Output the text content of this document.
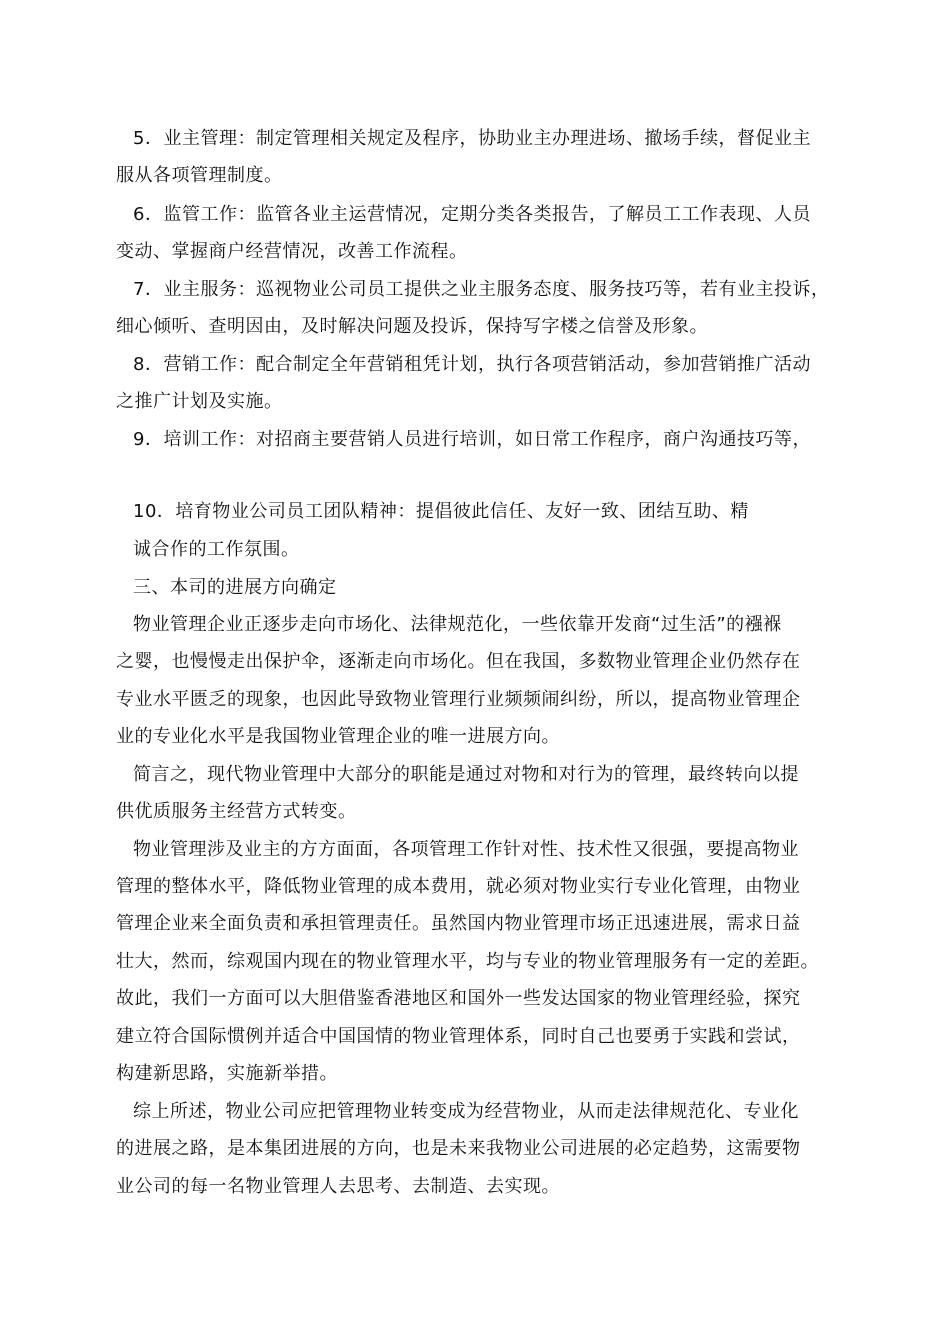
5．业主管理：制定管理相关规定及程序，协助业主办理进场、撤场手续，督促业主
服从各项管理制度。
6．监管工作：监管各业主运营情况，定期分类各类报告，了解员工工作表现、人员
变动、掌握商户经营情况，改善工作流程。
7．业主服务：巡视物业公司员工提供之业主服务态度、服务技巧等，若有业主投诉，
细心倾听、查明因由，及时解决问题及投诉，保持写字楼之信誉及形象。
8．营销工作：配合制定全年营销租凭计划，执行各项营销活动，参加营销推广活动
之推广计划及实施。
9．培训工作：对招商主要营销人员进行培训，如日常工作程序，商户沟通技巧等，
10．培育物业公司员工团队精神：提倡彼此信任、友好一致、团结互助、精
诚合作的工作氛围。
三、本司的进展方向确定
物业管理企业正逐步走向市场化、法律规范化，一些依靠开发商“过生活”的襁褓
之婴，也慢慢走出保护伞，逐渐走向市场化。但在我国，多数物业管理企业仍然存在
专业水平匮乏的现象，也因此导致物业管理行业频频闹纠纷，所以，提高物业管理企
业的专业化水平是我国物业管理企业的唯一进展方向。
简言之，现代物业管理中大部分的职能是通过对物和对行为的管理，最终转向以提
供优质服务主经营方式转变。
物业管理涉及业主的方方面面，各项管理工作针对性、技术性又很强，要提高物业
管理的整体水平，降低物业管理的成本费用，就必须对物业实行专业化管理，由物业
管理企业来全面负责和承担管理责任。虽然国内物业管理市场正迅速进展，需求日益
壮大，然而，综观国内现在的物业管理水平，均与专业的物业管理服务有一定的差距。
故此，我们一方面可以大胆借鉴香港地区和国外一些发达国家的物业管理经验，探究
建立符合国际惯例并适合中国国情的物业管理体系，同时自己也要勇于实践和尝试，
构建新思路，实施新举措。
综上所述，物业公司应把管理物业转变成为经营物业，从而走法律规范化、专业化
的进展之路，是本集团进展的方向，也是未来我物业公司进展的必定趋势，这需要物
业公司的每一名物业管理人去思考、去制造、去实现。
